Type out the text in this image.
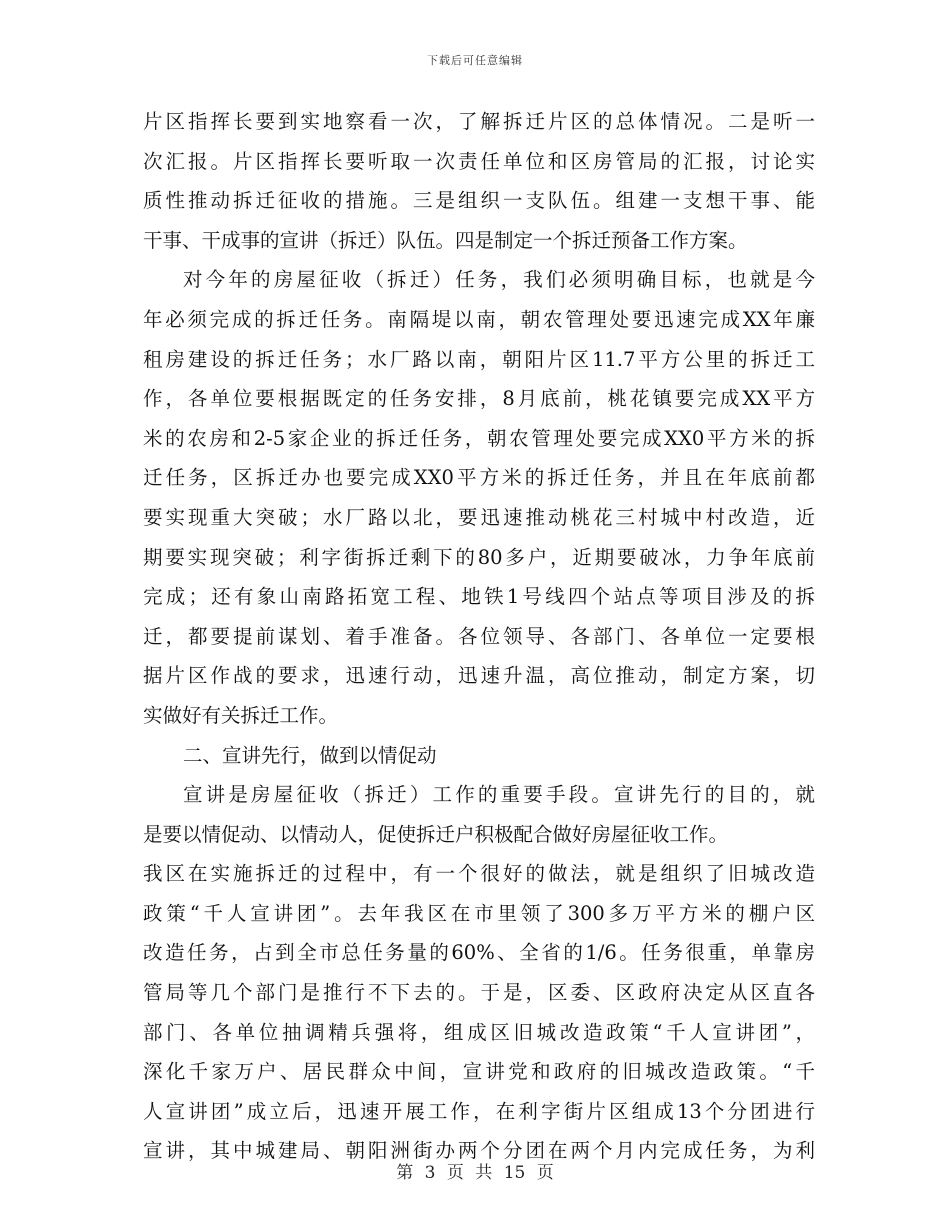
下载后可任意编辑
片区指挥长要到实地察看一次，了解拆迁片区的总体情况。二是听一
次汇报。片区指挥长要听取一次责任单位和区房管局的汇报，讨论实
质性推动拆迁征收的措施。三是组织一支队伍。组建一支想干事、能
干事、干成事的宣讲（拆迁）队伍。四是制定一个拆迁预备工作方案。
对今年的房屋征收（拆迁）任务，我们必须明确目标，也就是今
年必须完成的拆迁任务。南隔堤以南，朝农管理处要迅速完成XX年廉
租房建设的拆迁任务；水厂路以南，朝阳片区11.7平方公里的拆迁工
作，各单位要根据既定的任务安排，8月底前，桃花镇要完成XX平方
米的农房和2-5家企业的拆迁任务，朝农管理处要完成XX0平方米的拆
迁任务，区拆迁办也要完成XX0平方米的拆迁任务，并且在年底前都
要实现重大突破；水厂路以北，要迅速推动桃花三村城中村改造，近
期要实现突破；利字街拆迁剩下的80多户，近期要破冰，力争年底前
完成；还有象山南路拓宽工程、地铁1号线四个站点等项目涉及的拆
迁，都要提前谋划、着手准备。各位领导、各部门、各单位一定要根
据片区作战的要求，迅速行动，迅速升温，高位推动，制定方案，切
实做好有关拆迁工作。
二、宣讲先行，做到以情促动
宣讲是房屋征收（拆迁）工作的重要手段。宣讲先行的目的，就
是要以情促动、以情动人，促使拆迁户积极配合做好房屋征收工作。
我区在实施拆迁的过程中，有一个很好的做法，就是组织了旧城改造
政策“千人宣讲团”。去年我区在市里领了300多万平方米的棚户区
改造任务，占到全市总任务量的60%、全省的1/6。任务很重，单靠房
管局等几个部门是推行不下去的。于是，区委、区政府决定从区直各
部门、各单位抽调精兵强将，组成区旧城改造政策“千人宣讲团”，
深化千家万户、居民群众中间，宣讲党和政府的旧城改造政策。“千
人宣讲团”成立后，迅速开展工作，在利字街片区组成13个分团进行
宣讲，其中城建局、朝阳洲街办两个分团在两个月内完成任务，为利
第 3 页 共 15 页
